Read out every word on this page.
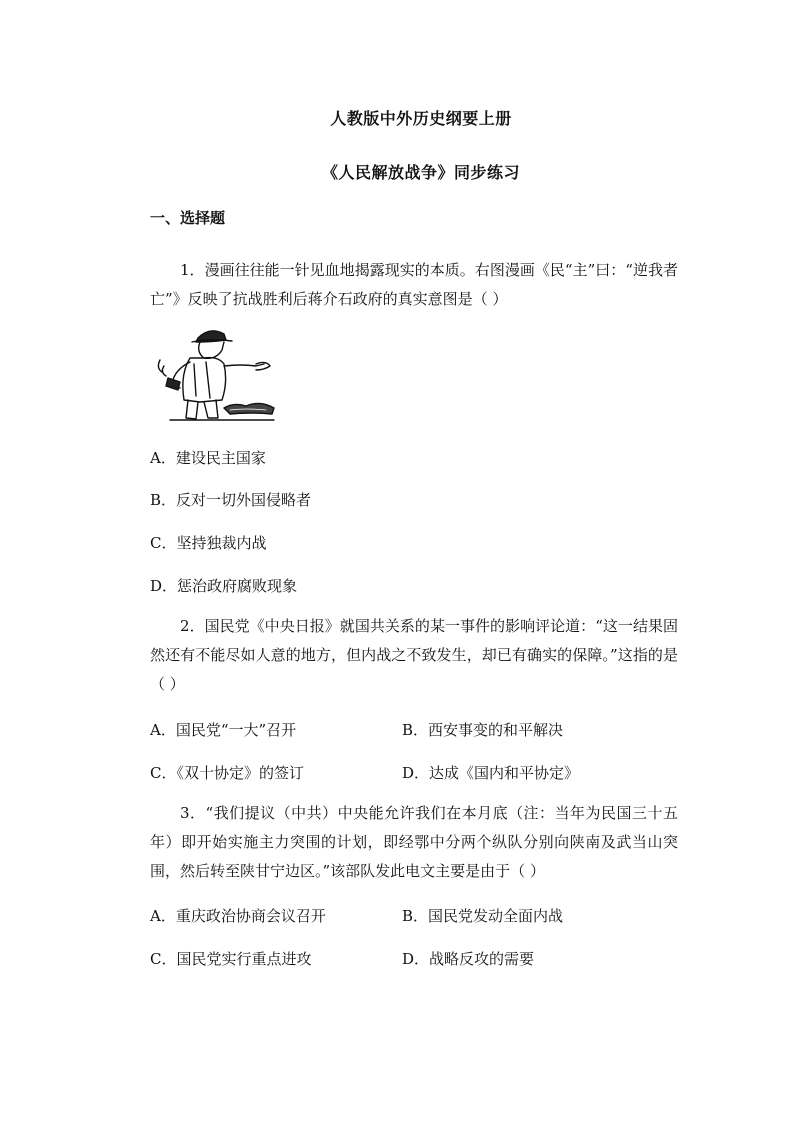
人教版中外历史纲要上册
《人民解放战争》同步练习
一、选择题
1．漫画往往能一针见血地揭露现实的本质。右图漫画《民“主”曰：“逆我者亡”》反映了抗战胜利后蒋介石政府的真实意图是（ ）
A．建设民主国家
B．反对一切外国侵略者
C．坚持独裁内战
D．惩治政府腐败现象
2．国民党《中央日报》就国共关系的某一事件的影响评论道：“这一结果固然还有不能尽如人意的地方，但内战之不致发生，却已有确实的保障。”这指的是（ ）
A．国民党“一大”召开	B．西安事变的和平解决
C．《双十协定》的签订	D．达成《国内和平协定》
3．“我们提议（中共）中央能允许我们在本月底（注：当年为民国三十五年）即开始实施主力突围的计划，即经鄂中分两个纵队分别向陕南及武当山突围，然后转至陕甘宁边区。”该部队发此电文主要是由于（ ）
A．重庆政治协商会议召开	B．国民党发动全面内战
C．国民党实行重点进攻	D．战略反攻的需要
